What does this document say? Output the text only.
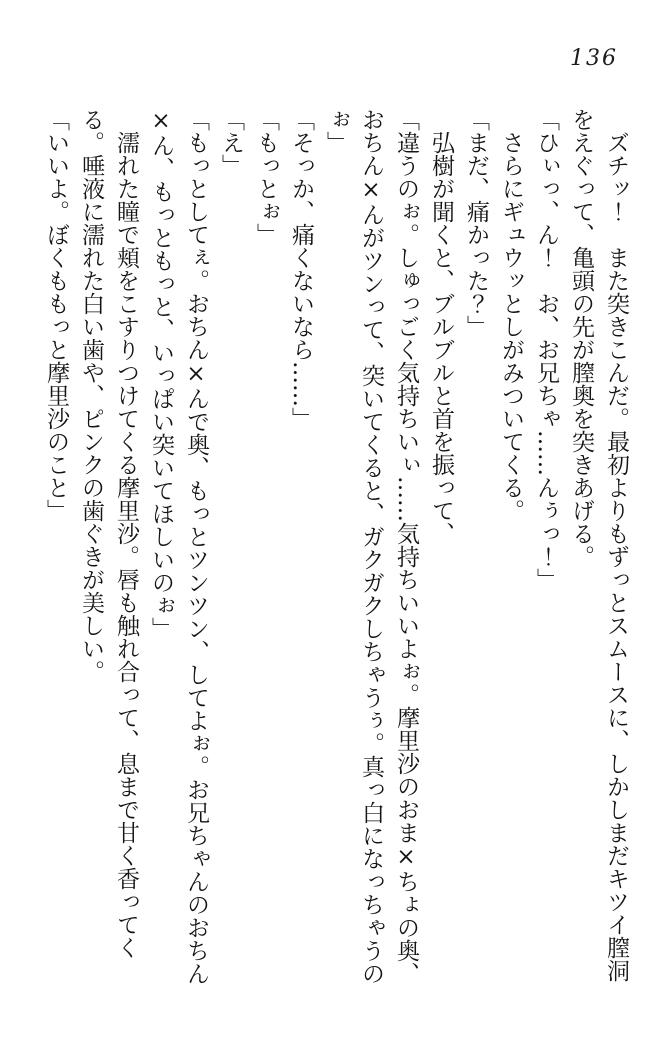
136

　ズチッ！　また突きこんだ。最初よりもずっとスムースに、しかしまだキツイ膣洞をえぐって、亀頭の先が膣奥を突きあげる。

「ひぃっ、ん！　お、お兄ちゃ……んぅっ！」

　さらにギュウッとしがみついてくる。

「まだ、痛かった？」

　弘樹が聞くと、ブルブルと首を振って、

「違うのぉ。しゅっごく気持ちいぃ……気持ちいいよぉ。摩里沙のおま×ちょの奥、おちん×んがツンって、突いてくると、ガクガクしちゃうぅ。真っ白になっちゃうのぉ」

「そっか、痛くないなら……」

「もっとぉ」

「え」

「もっとしてぇ。おちん×んで奥、もっとツンツン、してよぉ。お兄ちゃんのおちん×ん、もっともっと、いっぱい突いてほしいのぉ」

　濡れた瞳で頬をこすりつけてくる摩里沙。唇も触れ合って、息まで甘く香ってくる。唾液に濡れた白い歯や、ピンクの歯ぐきが美しい。

「いいよ。ぼくももっと摩里沙のこと」
